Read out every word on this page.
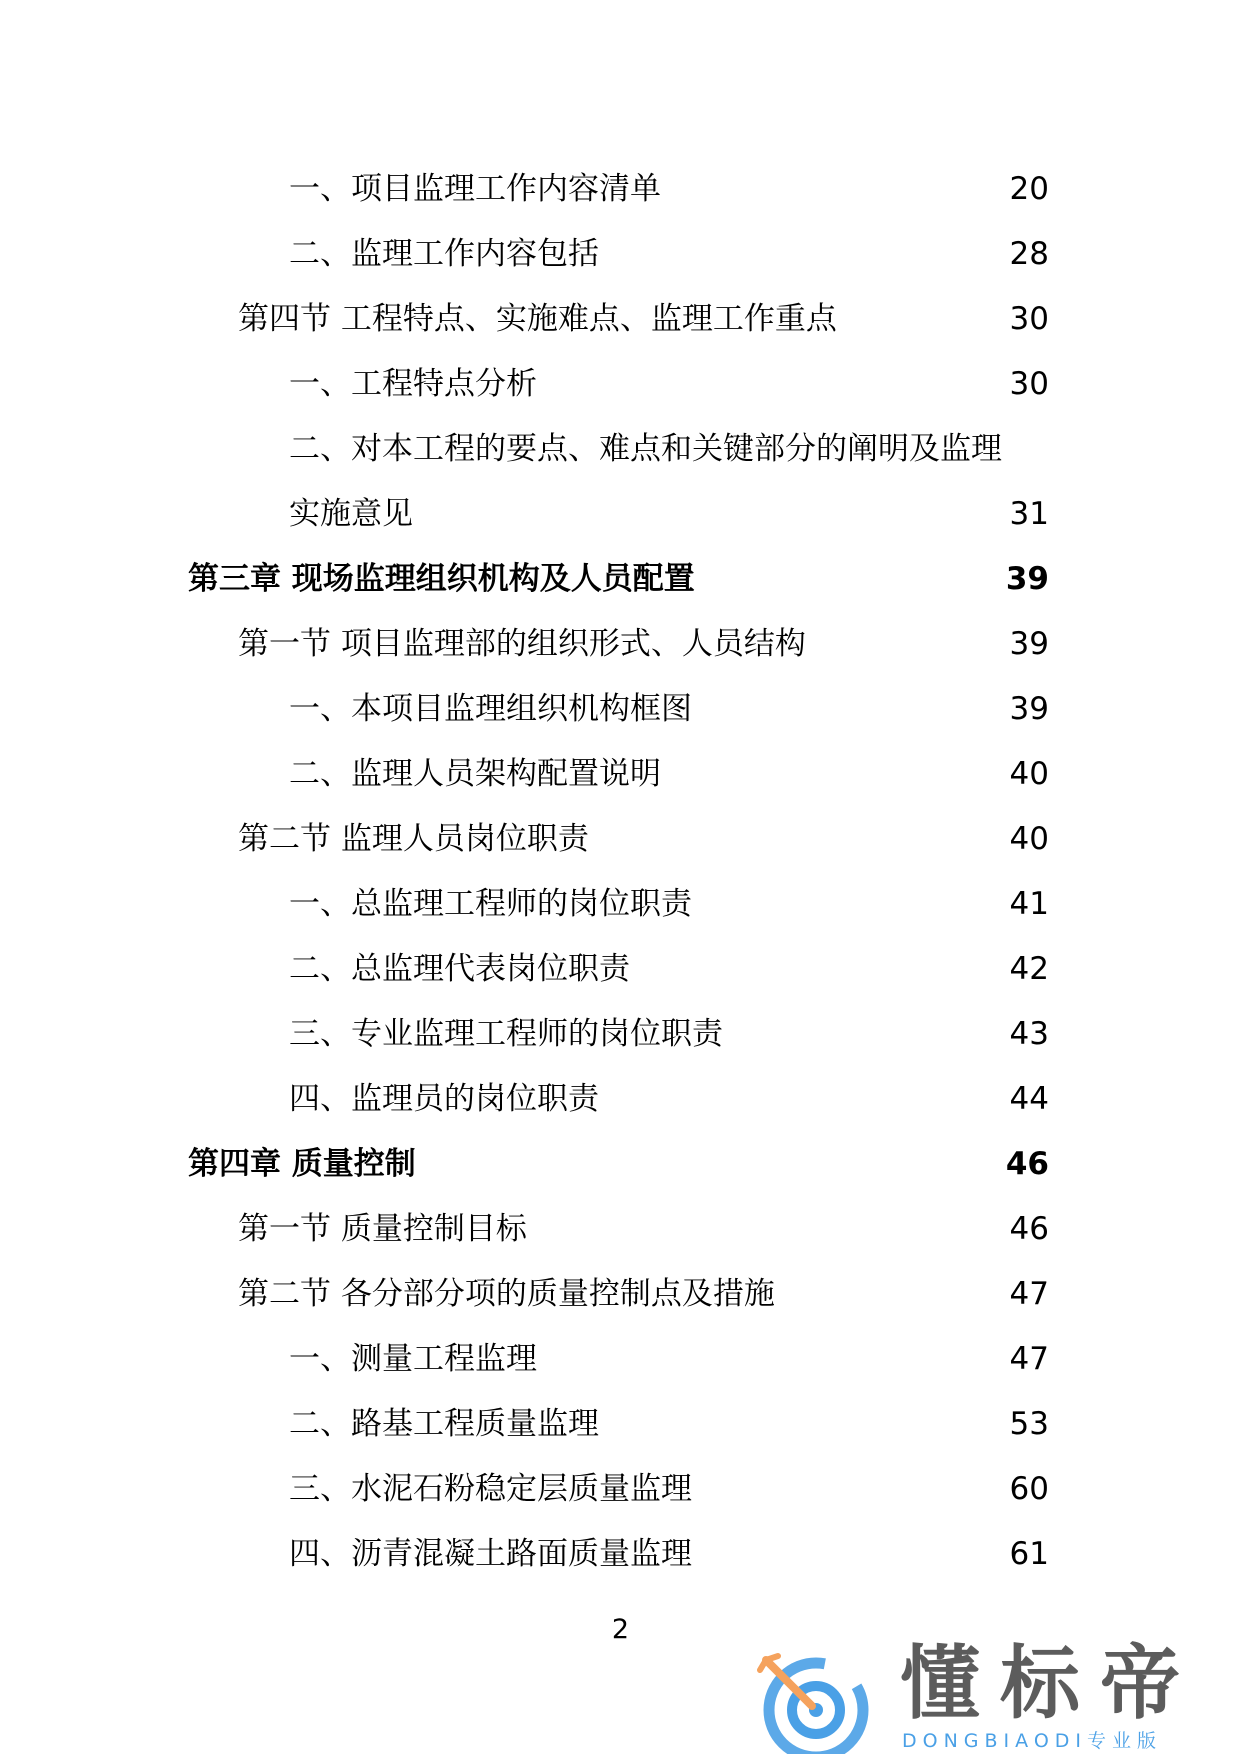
一、项目监理工作内容清单	20
二、监理工作内容包括	28
第四节 工程特点、实施难点、监理工作重点	30
一、工程特点分析	30
二、对本工程的要点、难点和关键部分的阐明及监理
实施意见	31
第三章 现场监理组织机构及人员配置	39
第一节 项目监理部的组织形式、人员结构	39
一、本项目监理组织机构框图	39
二、监理人员架构配置说明	40
第二节 监理人员岗位职责	40
一、总监理工程师的岗位职责	41
二、总监理代表岗位职责	42
三、专业监理工程师的岗位职责	43
四、监理员的岗位职责	44
第四章 质量控制	46
第一节 质量控制目标	46
第二节 各分部分项的质量控制点及措施	47
一、测量工程监理	47
二、路基工程质量监理	53
三、水泥石粉稳定层质量监理	60
四、沥青混凝土路面质量监理	61
2
懂标帝
DONGBIAODI专业版
